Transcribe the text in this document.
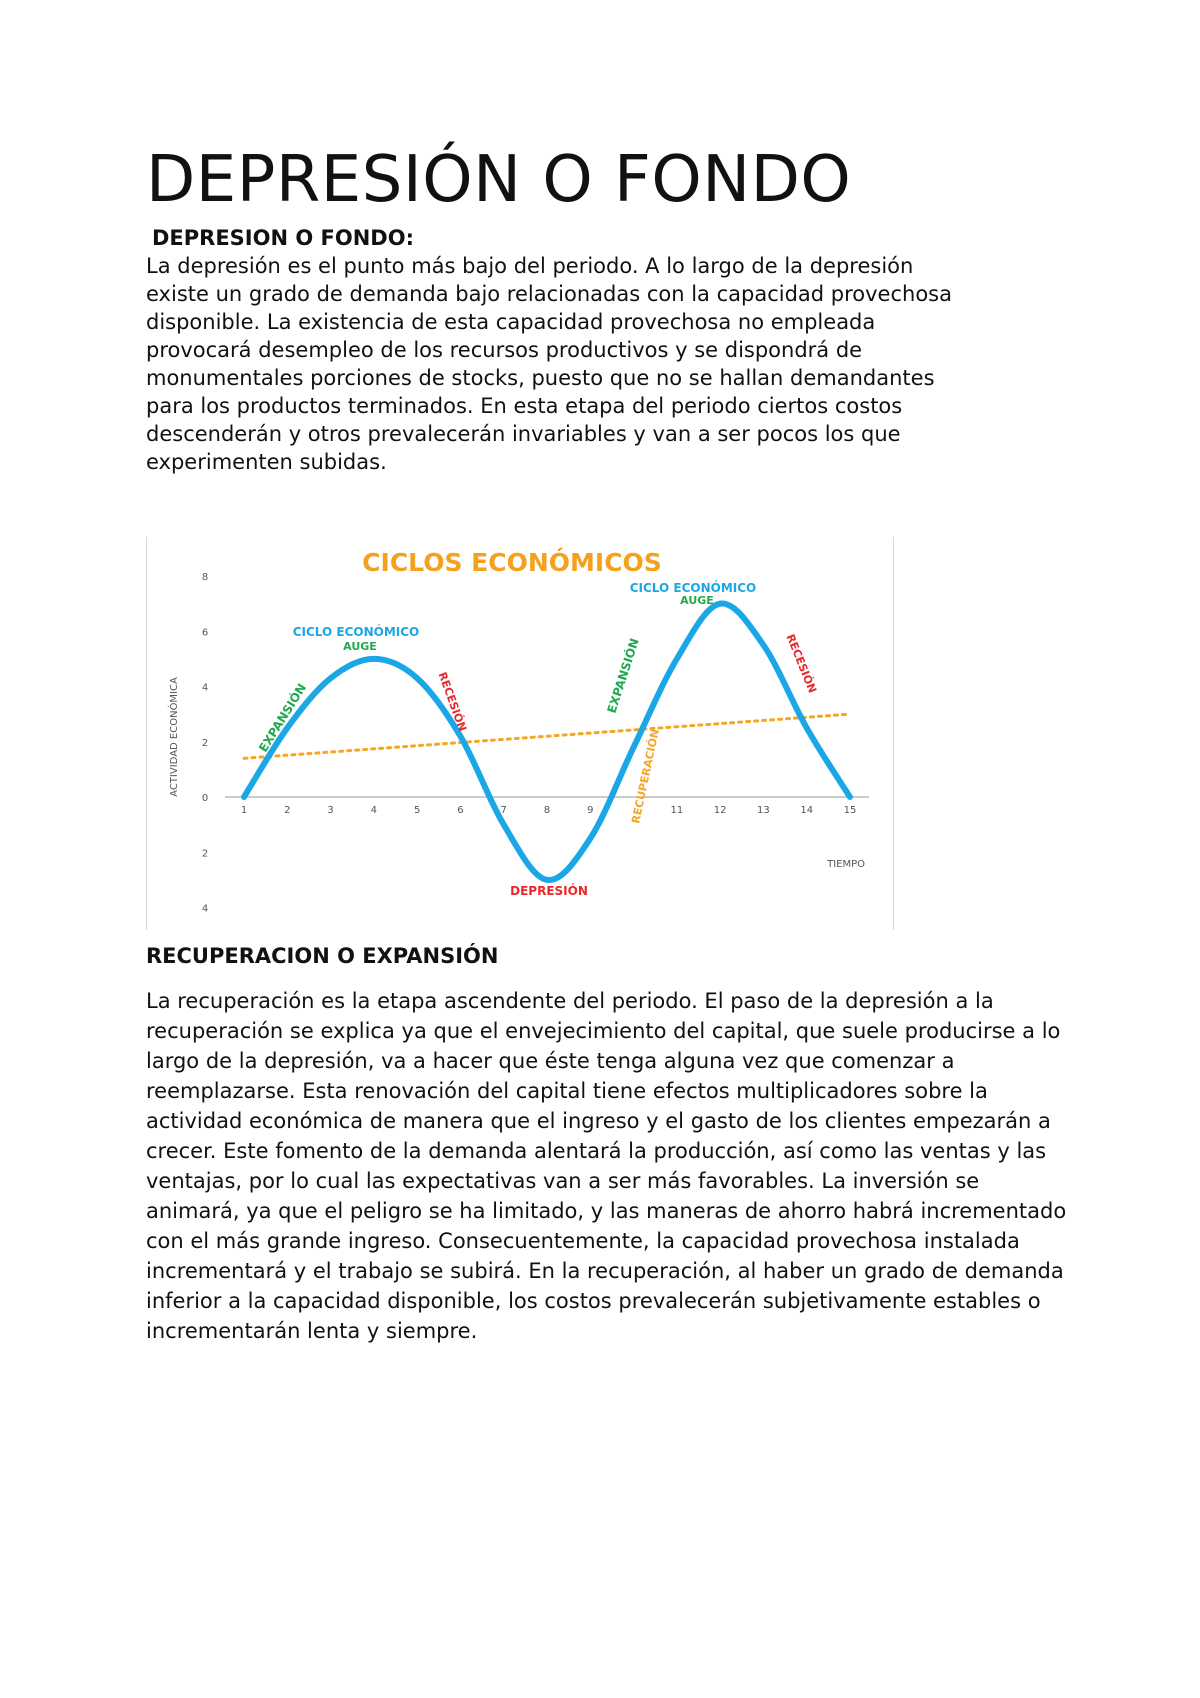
DEPRESIÓN O FONDO
DEPRESION O FONDO:

La depresión es el punto más bajo del periodo. A lo largo de la depresión existe un grado de demanda bajo relacionadas con la capacidad provechosa disponible. La existencia de esta capacidad provechosa no empleada provocará desempleo de los recursos productivos y se dispondrá de monumentales porciones de stocks, puesto que no se hallan demandantes para los productos terminados. En esta etapa del periodo ciertos costos descenderán y otros prevalecerán invariables y van a ser pocos los que experimenten subidas.

CICLOS ECONÓMICOS
8
6
4
2
0
2
4
1	2	3	4	5	6	7	8	9	11	12	13	14	15
ACTIVIDAD ECONÓMICA
TIEMPO
CICLO ECONÓMICO
AUGE
CICLO ECONÓMICO
AUGE
EXPANSIÓN	RECESIÓN
DEPRESIÓN
EXPANSIÓN
RECUPERACIÓN
RECESIÓN
RECUPERACION O EXPANSIÓN

La recuperación es la etapa ascendente del periodo. El paso de la depresión a la recuperación se explica ya que el envejecimiento del capital, que suele producirse a lo largo de la depresión, va a hacer que éste tenga alguna vez que comenzar a reemplazarse. Esta renovación del capital tiene efectos multiplicadores sobre la actividad económica de manera que el ingreso y el gasto de los clientes empezarán a crecer. Este fomento de la demanda alentará la producción, así como las ventas y las ventajas, por lo cual las expectativas van a ser más favorables. La inversión se animará, ya que el peligro se ha limitado, y las maneras de ahorro habrá incrementado con el más grande ingreso. Consecuentemente, la capacidad provechosa instalada incrementará y el trabajo se subirá. En la recuperación, al haber un grado de demanda inferior a la capacidad disponible, los costos prevalecerán subjetivamente estables o incrementarán lenta y siempre.
